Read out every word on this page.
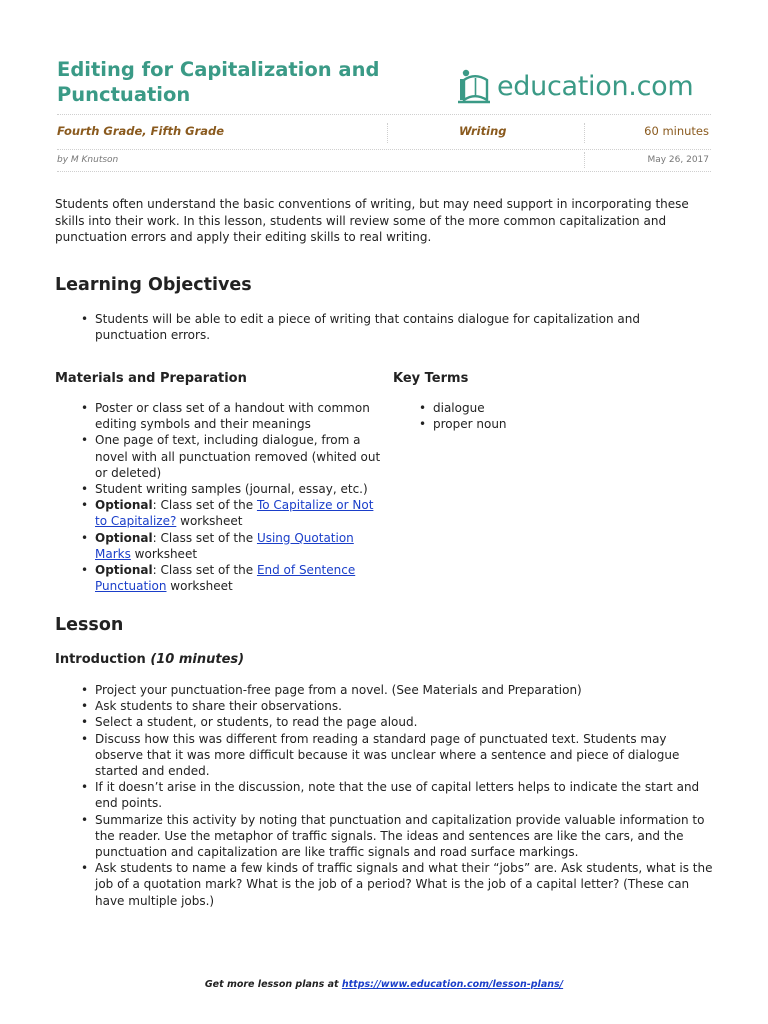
Editing for Capitalization and Punctuation	education.com
Fourth Grade, Fifth Grade	Writing	60 minutes
by M Knutson	May 26, 2017

Students often understand the basic conventions of writing, but may need support in incorporating these skills into their work. In this lesson, students will review some of the more common capitalization and punctuation errors and apply their editing skills to real writing.

Learning Objectives
• Students will be able to edit a piece of writing that contains dialogue for capitalization and punctuation errors.
Materials and Preparation
• Poster or class set of a handout with common editing symbols and their meanings
• One page of text, including dialogue, from a novel with all punctuation removed (whited out or deleted)
• Student writing samples (journal, essay, etc.)
• Optional: Class set of the To Capitalize or Not to Capitalize? worksheet
• Optional: Class set of the Using Quotation Marks worksheet
• Optional: Class set of the End of Sentence Punctuation worksheet
Key Terms
• dialogue
• proper noun
Lesson
Introduction (10 minutes)
• Project your punctuation-free page from a novel. (See Materials and Preparation)
• Ask students to share their observations.
• Select a student, or students, to read the page aloud.
• Discuss how this was different from reading a standard page of punctuated text. Students may observe that it was more difficult because it was unclear where a sentence and piece of dialogue started and ended.
• If it doesn’t arise in the discussion, note that the use of capital letters helps to indicate the start and end points.
• Summarize this activity by noting that punctuation and capitalization provide valuable information to the reader. Use the metaphor of traffic signals. The ideas and sentences are like the cars, and the punctuation and capitalization are like traffic signals and road surface markings.
• Ask students to name a few kinds of traffic signals and what their “jobs” are. Ask students, what is the job of a quotation mark? What is the job of a period? What is the job of a capital letter? (These can have multiple jobs.)
Get more lesson plans at https://www.education.com/lesson-plans/
